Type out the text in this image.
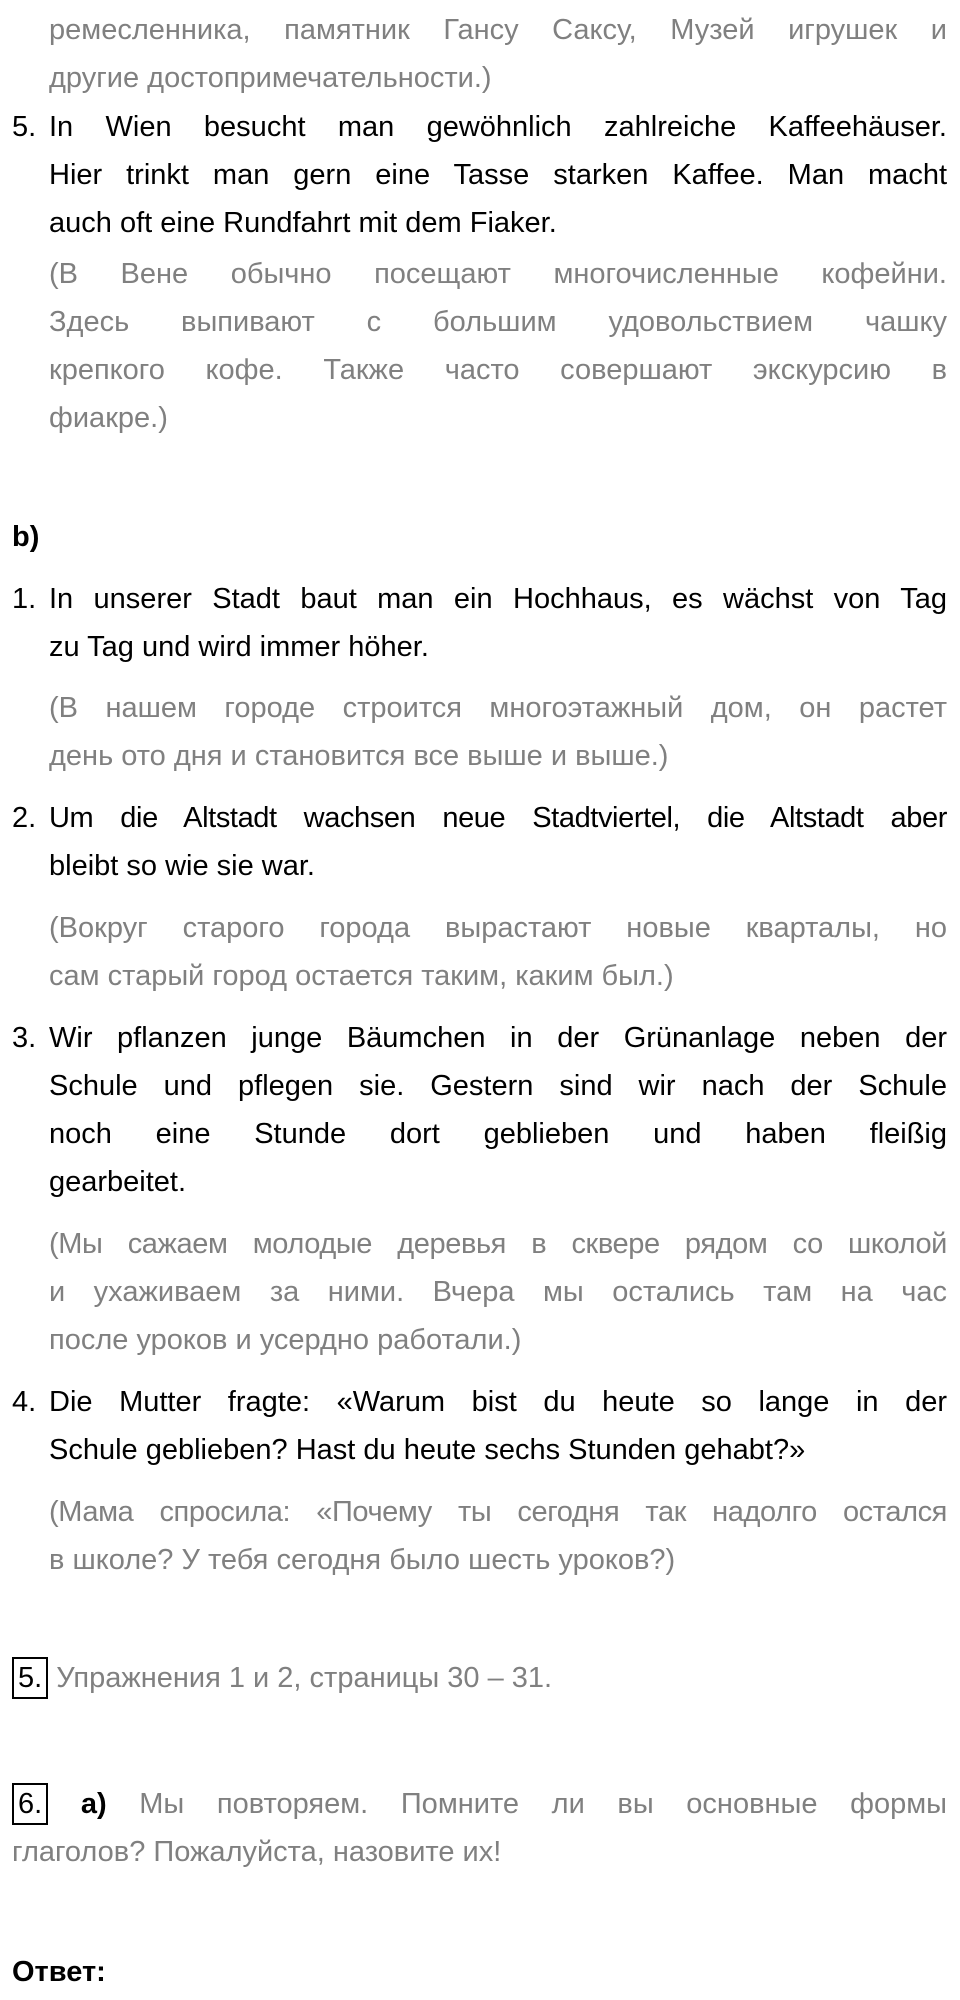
ремесленника, памятник Гансу Саксу, Музей игрушек и
другие достопримечательности.)
5. In Wien besucht man gewöhnlich zahlreiche Kaffeehäuser.
Hier trinkt man gern eine Tasse starken Kaffee. Man macht
auch oft eine Rundfahrt mit dem Fiaker.
(В Вене обычно посещают многочисленные кофейни.
Здесь выпивают с большим удовольствием чашку
крепкого кофе. Также часто совершают экскурсию в
фиакре.)
b)
1. In unserer Stadt baut man ein Hochhaus, es wächst von Tag
zu Tag und wird immer höher.
(В нашем городе строится многоэтажный дом, он растет
день ото дня и становится все выше и выше.)
2. Um die Altstadt wachsen neue Stadtviertel, die Altstadt aber
bleibt so wie sie war.
(Вокруг старого города вырастают новые кварталы, но
сам старый город остается таким, каким был.)
3. Wir pflanzen junge Bäumchen in der Grünanlage neben der
Schule und pflegen sie. Gestern sind wir nach der Schule
noch eine Stunde dort geblieben und haben fleißig
gearbeitet.
(Мы сажаем молодые деревья в сквере рядом со школой
и ухаживаем за ними. Вчера мы остались там на час
после уроков и усердно работали.)
4. Die Mutter fragte: «Warum bist du heute so lange in der
Schule geblieben? Hast du heute sechs Stunden gehabt?»
(Мама спросила: «Почему ты сегодня так надолго остался
в школе? У тебя сегодня было шесть уроков?)
5. Упражнения 1 и 2, страницы 30 – 31.
6. а) Мы повторяем. Помните ли вы основные формы
глаголов? Пожалуйста, назовите их!
Ответ:
